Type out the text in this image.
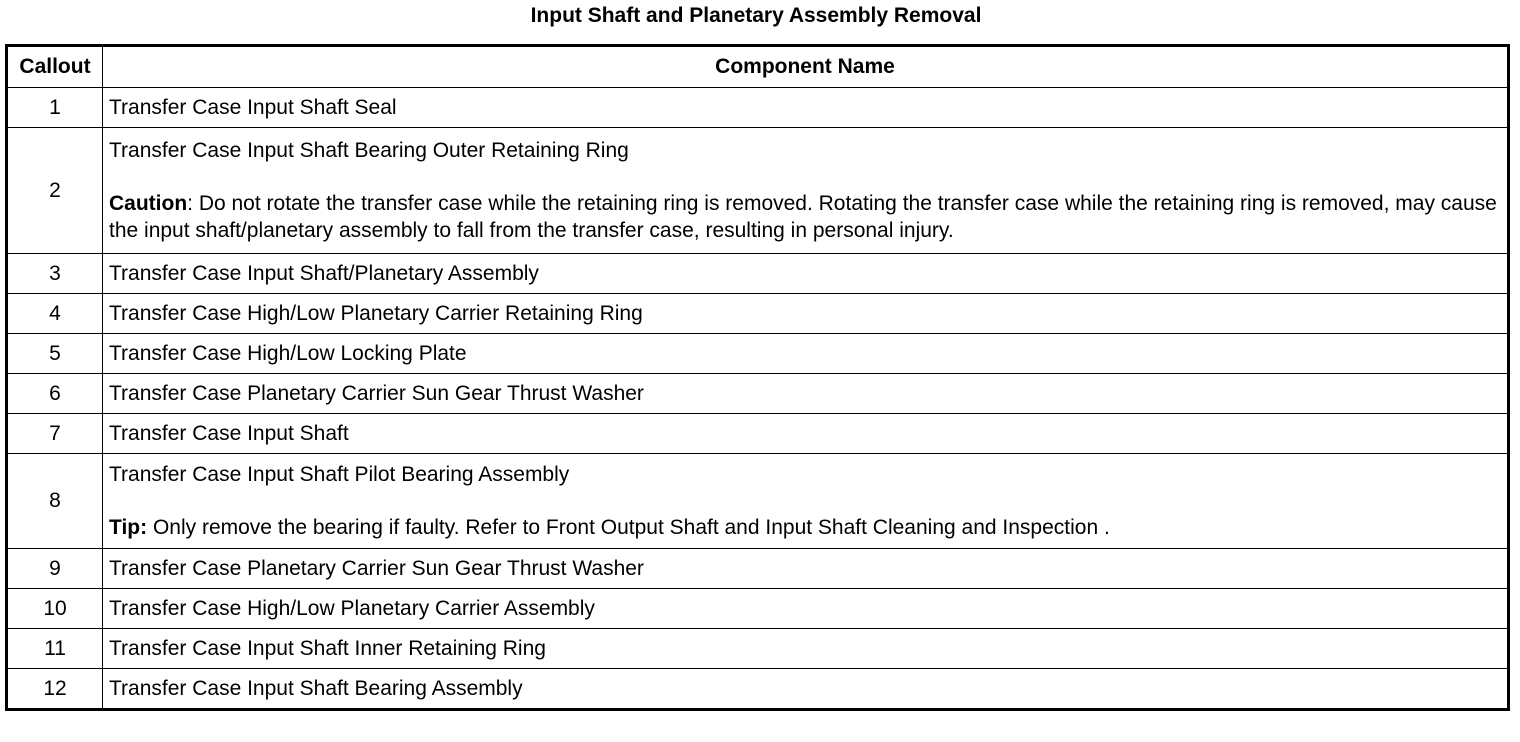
Input Shaft and Planetary Assembly Removal
Callout	Component Name
1	Transfer Case Input Shaft Seal
2	Transfer Case Input Shaft Bearing Outer Retaining Ring
Caution: Do not rotate the transfer case while the retaining ring is removed. Rotating the transfer case while the retaining ring is removed, may cause the input shaft/planetary assembly to fall from the transfer case, resulting in personal injury.

3	Transfer Case Input Shaft/Planetary Assembly
4	Transfer Case High/Low Planetary Carrier Retaining Ring
5	Transfer Case High/Low Locking Plate
6	Transfer Case Planetary Carrier Sun Gear Thrust Washer
7	Transfer Case Input Shaft
8	Transfer Case Input Shaft Pilot Bearing Assembly
Tip: Only remove the bearing if faulty. Refer to Front Output Shaft and Input Shaft Cleaning and Inspection .

9	Transfer Case Planetary Carrier Sun Gear Thrust Washer
10	Transfer Case High/Low Planetary Carrier Assembly
11	Transfer Case Input Shaft Inner Retaining Ring
12	Transfer Case Input Shaft Bearing Assembly
